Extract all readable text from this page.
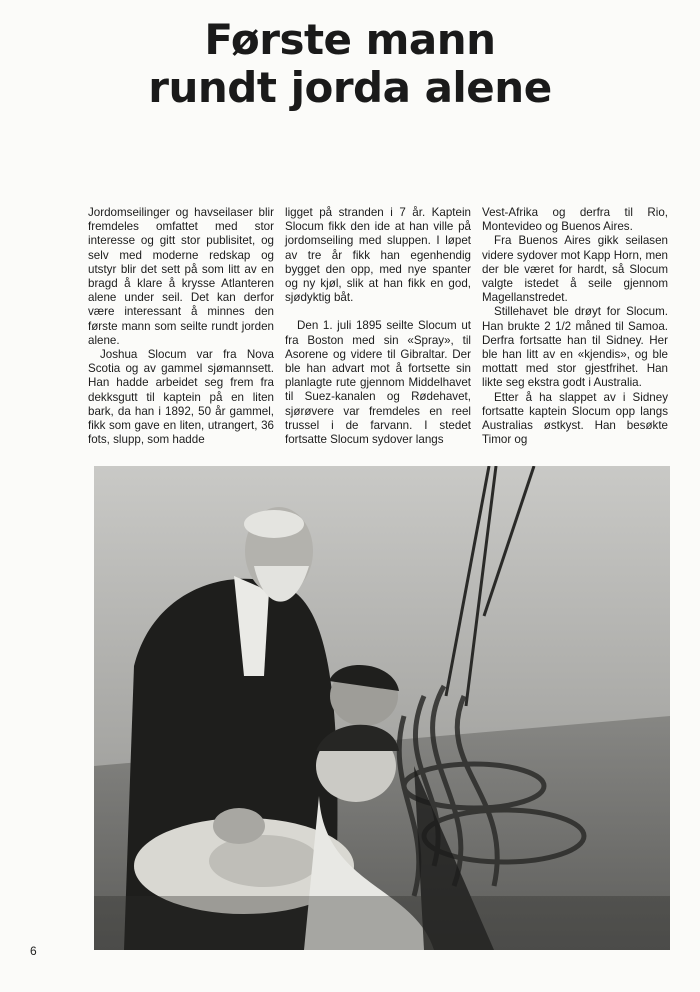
Første mann
rundt jorda alene

Jordomseilinger og havseilaser blir fremdeles omfattet med stor interesse og gitt stor publisitet, og selv med moderne redskap og utstyr blir det sett på som litt av en bragd å klare å krysse Atlanteren alene under seil. Det kan derfor være interessant å minnes den første mann som seilte rundt jorden alene.

Joshua Slocum var fra Nova Scotia og av gammel sjømannsett. Han hadde arbeidet seg frem fra dekksgutt til kaptein på en liten bark, da han i 1892, 50 år gammel, fikk som gave en liten, utrangert, 36 fots, slupp, som hadde

ligget på stranden i 7 år. Kaptein Slocum fikk den ide at han ville på jordomseiling med sluppen. I løpet av tre år fikk han egenhendig bygget den opp, med nye spanter og ny kjøl, slik at han fikk en god, sjødyktig båt.

Den 1. juli 1895 seilte Slocum ut fra Boston med sin «Spray», til Asorene og videre til Gibraltar. Der ble han advart mot å fortsette sin planlagte rute gjennom Middelhavet til Suez-kanalen og Rødehavet, sjørøvere var fremdeles en reel trussel i de farvann. I stedet fortsatte Slocum sydover langs

Vest-Afrika og derfra til Rio, Montevideo og Buenos Aires.

Fra Buenos Aires gikk seilasen videre sydover mot Kapp Horn, men der ble været for hardt, så Slocum valgte istedet å seile gjennom Magellanstredet.

Stillehavet ble drøyt for Slocum. Han brukte 2 1/2 måned til Samoa. Derfra fortsatte han til Sidney. Her ble han litt av en «kjendis», og ble mottatt med stor gjestfrihet. Han likte seg ekstra godt i Australia.

Etter å ha slappet av i Sidney fortsatte kaptein Slocum opp langs Australias østkyst. Han besøkte Timor og

6
